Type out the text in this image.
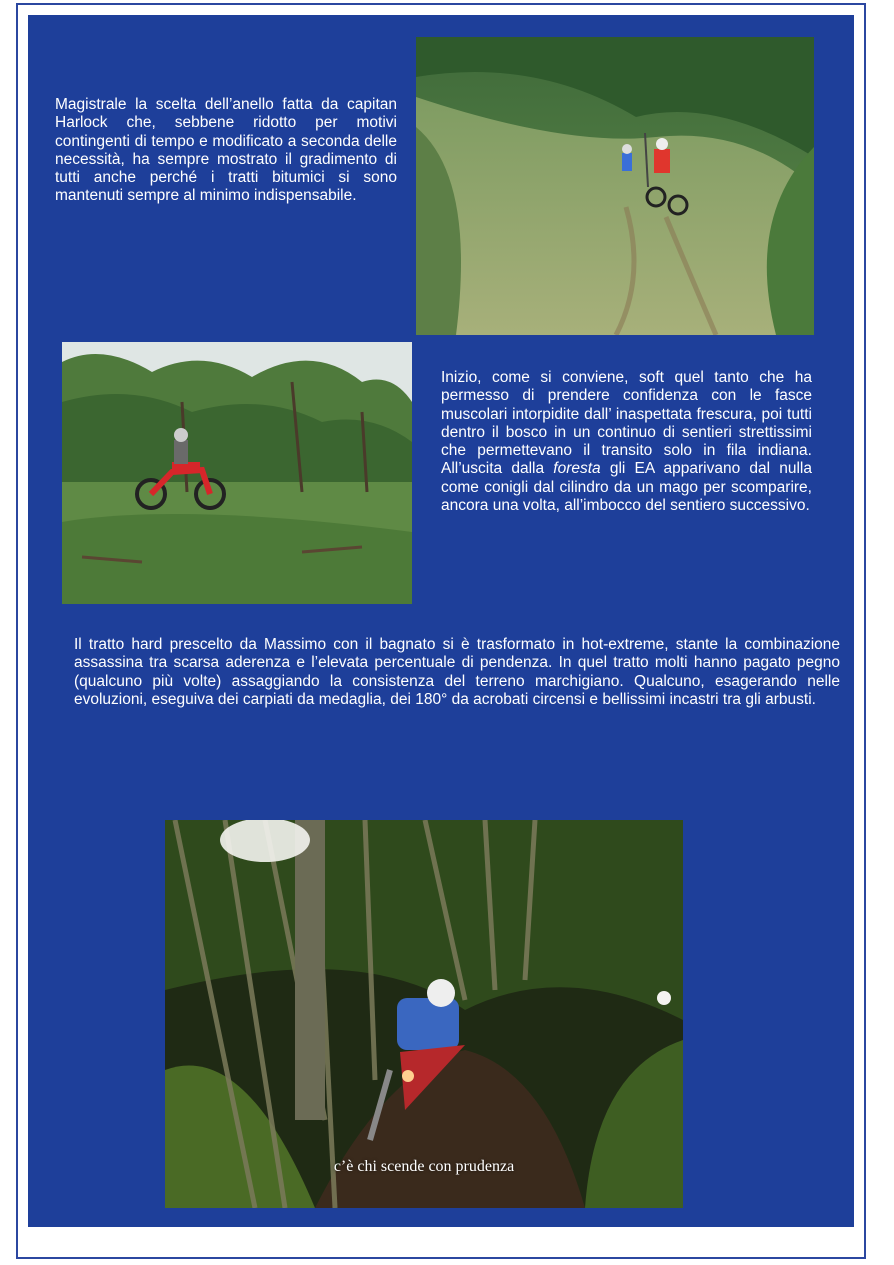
Magistrale la scelta dell’anello fatta da capitan Harlock che, sebbene ridotto per motivi contingenti di tempo e modificato a seconda delle necessità, ha sempre mostrato il gradimento di tutti anche perché i tratti bitumici si sono mantenuti sempre al minimo indispensabile.
Inizio, come si conviene, soft quel tanto che ha permesso di prendere confidenza con le fasce muscolari intorpidite dall’ inaspettata frescura, poi tutti dentro il bosco in un continuo di sentieri strettissimi che permettevano il transito solo in fila indiana. All’uscita dalla foresta gli EA apparivano dal nulla come conigli dal cilindro da un mago per scomparire, ancora una volta, all’imbocco del sentiero successivo.
Il tratto hard prescelto da Massimo con il bagnato si è trasformato in hot-extreme, stante la combinazione assassina tra scarsa aderenza e l’elevata percentuale di pendenza. In quel tratto molti hanno pagato pegno (qualcuno più volte) assaggiando la consistenza del terreno marchigiano. Qualcuno, esagerando nelle evoluzioni, eseguiva dei carpiati da medaglia, dei 180° da acrobati circensi e bellissimi incastri tra gli arbusti.
c’è chi scende con prudenza
